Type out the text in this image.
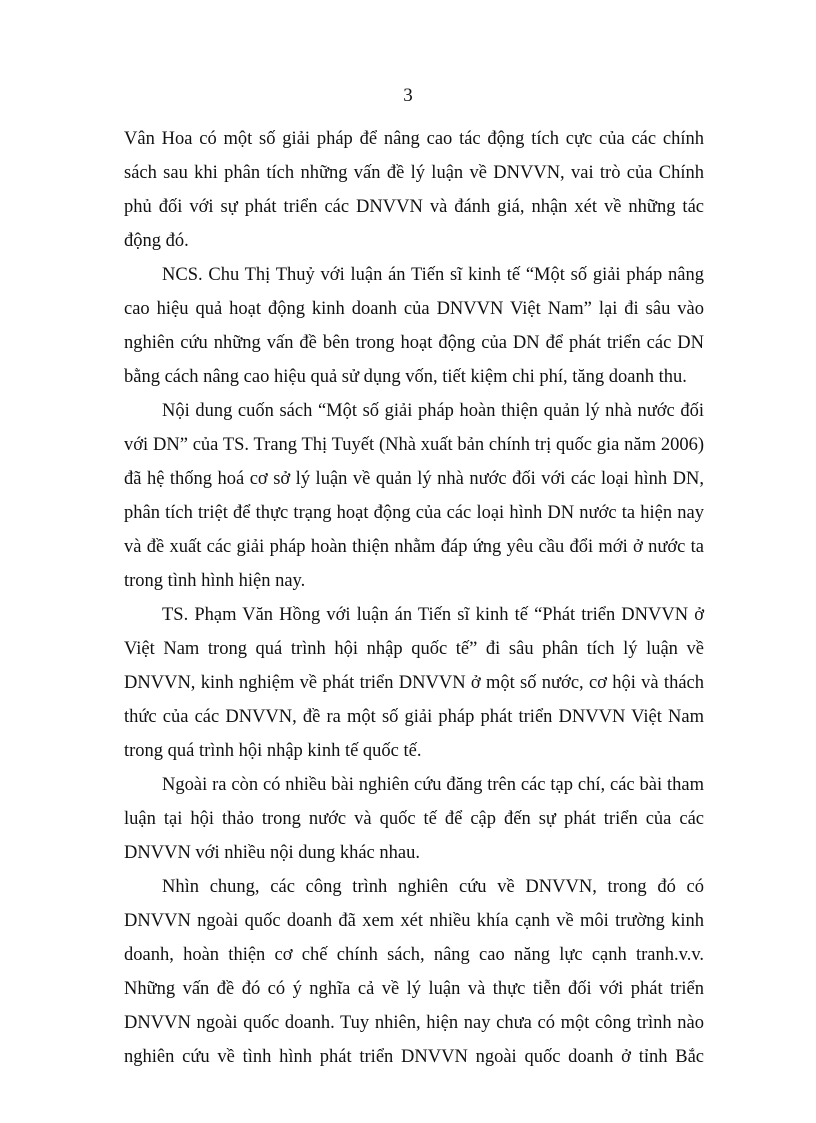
3

Vân Hoa có một số giải pháp để nâng cao tác động tích cực của các chính sách sau khi phân tích những vấn đề lý luận về DNVVN, vai trò của Chính phủ đối với sự phát triển các DNVVN và đánh giá, nhận xét về những tác động đó.

NCS. Chu Thị Thuỷ với luận án Tiến sĩ kinh tế “Một số giải pháp nâng cao hiệu quả hoạt động kinh doanh của DNVVN Việt Nam” lại đi sâu vào nghiên cứu những vấn đề bên trong hoạt động của DN để phát triển các DN bằng cách nâng cao hiệu quả sử dụng vốn, tiết kiệm chi phí, tăng doanh thu.

Nội dung cuốn sách “Một số giải pháp hoàn thiện quản lý nhà nước đối với DN” của TS. Trang Thị Tuyết (Nhà xuất bản chính trị quốc gia năm 2006) đã hệ thống hoá cơ sở lý luận về quản lý nhà nước đối với các loại hình DN, phân tích triệt để thực trạng hoạt động của các loại hình DN nước ta hiện nay và đề xuất các giải pháp hoàn thiện nhằm đáp ứng yêu cầu đổi mới ở nước ta trong tình hình hiện nay.

TS. Phạm Văn Hồng với luận án Tiến sĩ kinh tế “Phát triển DNVVN ở Việt Nam trong quá trình hội nhập quốc tế” đi sâu phân tích lý luận về DNVVN, kinh nghiệm về phát triển DNVVN ở một số nước, cơ hội và thách thức của các DNVVN, đề ra một số giải pháp phát triển DNVVN Việt Nam trong quá trình hội nhập kinh tế quốc tế.

Ngoài ra còn có nhiều bài nghiên cứu đăng trên các tạp chí, các bài tham luận tại hội thảo trong nước và quốc tế để cập đến sự phát triển của các DNVVN với nhiều nội dung khác nhau.

Nhìn chung, các công trình nghiên cứu về DNVVN, trong đó có DNVVN ngoài quốc doanh đã xem xét nhiều khía cạnh về môi trường kinh doanh, hoàn thiện cơ chế chính sách, nâng cao năng lực cạnh tranh.v.v. Những vấn đề đó có ý nghĩa cả về lý luận và thực tiễn đối với phát triển DNVVN ngoài quốc doanh. Tuy nhiên, hiện nay chưa có một công trình nào nghiên cứu về tình hình phát triển DNVVN ngoài quốc doanh ở tỉnh Bắc
